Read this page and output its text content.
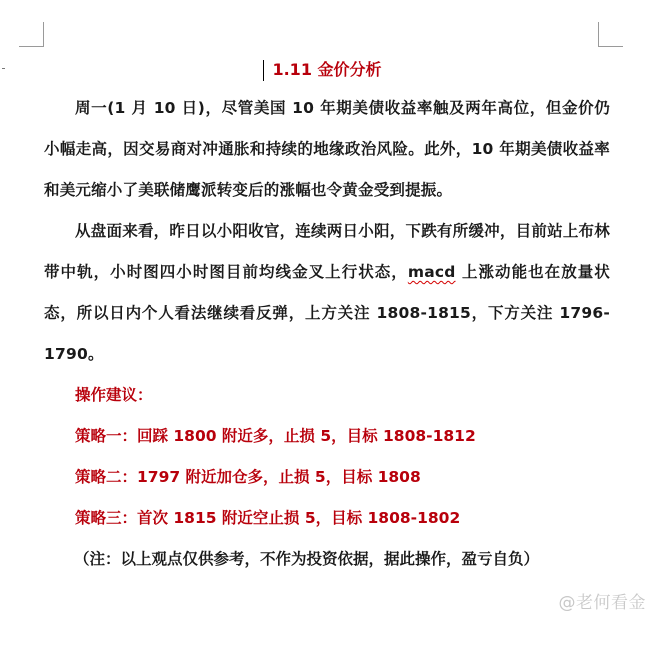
1.11 金价分析

周一(1 月 10 日)，尽管美国 10 年期美债收益率触及两年高位，但金价仍小幅走高，因交易商对冲通胀和持续的地缘政治风险。此外，10 年期美债收益率和美元缩小了美联储鹰派转变后的涨幅也令黄金受到提振。

从盘面来看，昨日以小阳收官，连续两日小阳，下跌有所缓冲，目前站上布林带中轨，小时图四小时图目前均线金叉上行状态，macd 上涨动能也在放量状态，所以日内个人看法继续看反弹，上方关注 1808-1815，下方关注 1796-1790。

操作建议：

策略一：回踩 1800 附近多，止损 5，目标 1808-1812

策略二：1797 附近加仓多，止损 5，目标 1808

策略三：首次 1815 附近空止损 5，目标 1808-1802

（注：以上观点仅供参考，不作为投资依据，据此操作，盈亏自负）

@老何看金
